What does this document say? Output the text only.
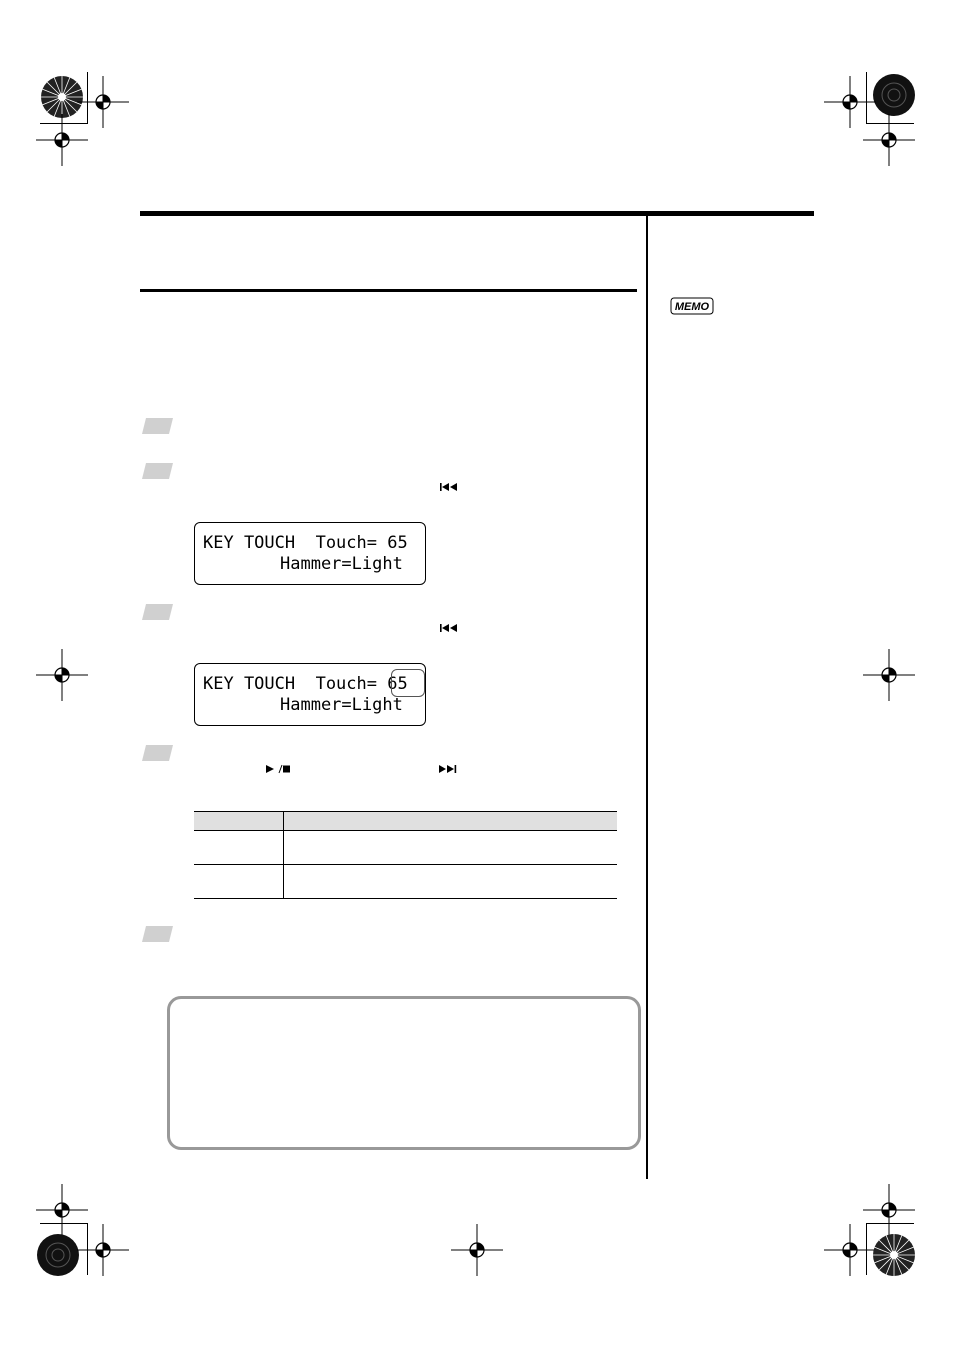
MEMO
KEY TOUCH  Touch= 65
Hammer=Light
KEY TOUCH  Touch= 65
Hammer=Light
